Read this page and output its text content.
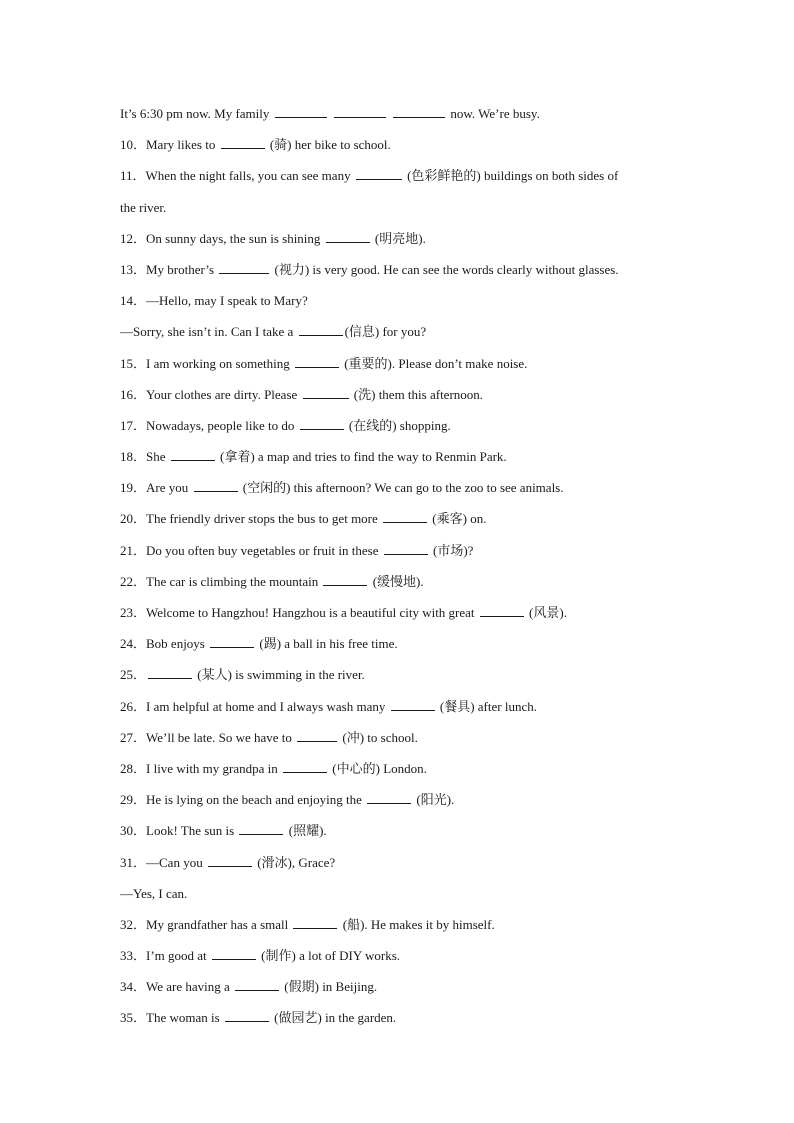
It’s 6:30 pm now. My family	now. We’re busy.
10．Mary likes to	(骑) her bike to school.
11．When the night falls, you can see many	(色彩鲜艳的) buildings on both sides of
the river.
12．On sunny days, the sun is shining	(明亮地).
13．My brother’s	(视力) is very good. He can see the words clearly without glasses.
14．—Hello, may I speak to Mary?
—Sorry, she isn’t in. Can I take a	(信息) for you?
15．I am working on something	(重要的). Please don’t make noise.
16．Your clothes are dirty. Please	(洗) them this afternoon.
17．Nowadays, people like to do	(在线的) shopping.
18．She	(拿着) a map and tries to find the way to Renmin Park.
19．Are you	(空闲的) this afternoon? We can go to the zoo to see animals.
20．The friendly driver stops the bus to get more	(乘客) on.
21．Do you often buy vegetables or fruit in these	(市场)?
22．The car is climbing the mountain	(缓慢地).
23．Welcome to Hangzhou! Hangzhou is a beautiful city with great	(风景).
24．Bob enjoys	(踢) a ball in his free time.
25．	(某人) is swimming in the river.
26．I am helpful at home and I always wash many	(餐具) after lunch.
27．We’ll be late. So we have to	(冲) to school.
28．I live with my grandpa in	(中心的) London.
29．He is lying on the beach and enjoying the	(阳光).
30．Look! The sun is	(照耀).
31．—Can you	(滑冰), Grace?
—Yes, I can.
32．My grandfather has a small	(船). He makes it by himself.
33．I’m good at	(制作) a lot of DIY works.
34．We are having a	(假期) in Beijing.
35．The woman is	(做园艺) in the garden.
